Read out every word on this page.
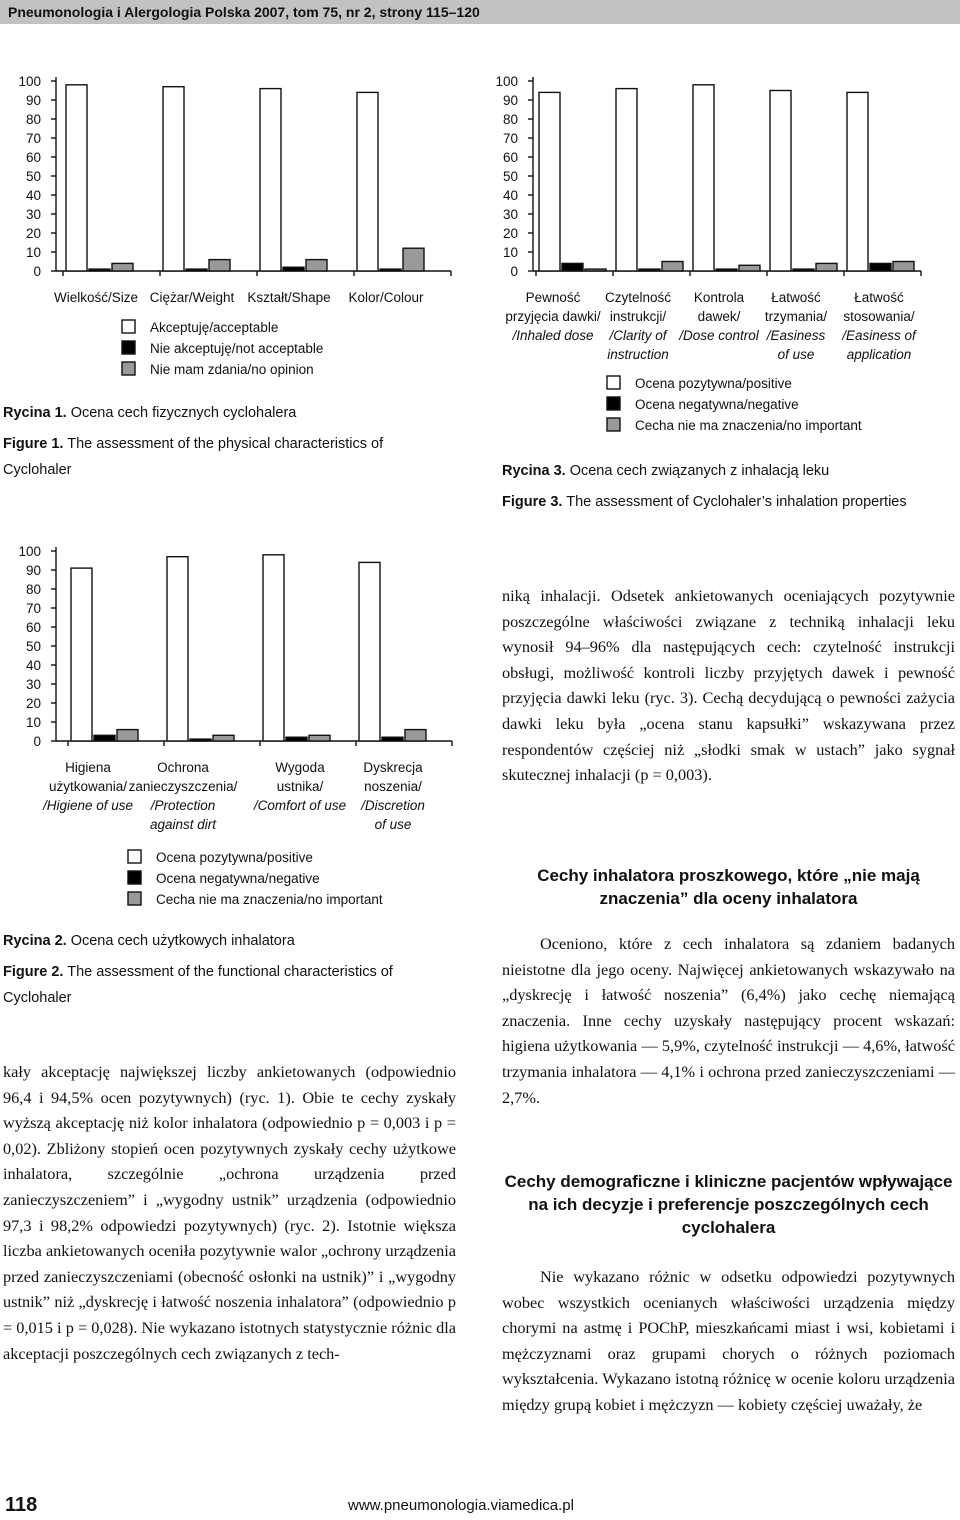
Pneumonologia i Alergologia Polska 2007, tom 75, nr 2, strony 115–120
0
10
20
30
40
50
60
70
80
90
100
Wielkość/Size Ciężar/Weight Kształt/Shape Kolor/Colour
Akceptuję/acceptable
Nie akceptuję/not acceptable
Nie mam zdania/no opinion
Rycina 1. Ocena cech fizycznych cyclohalera
Figure 1. The assessment of the physical characteristics of Cyclohaler
0
10
20
30
40
50
60
70
80
90
100
Pewność
przyjęcia dawki/
/Inhaled dose
Czytelność
instrukcji/
/Clarity of
instruction
Kontrola
dawek/
/Dose control
Łatwość
trzymania/
/Easiness
of use
Łatwość
stosowania/
/Easiness of
application
Ocena pozytywna/positive
Ocena negatywna/negative
Cecha nie ma znaczenia/no important
Rycina 3. Ocena cech związanych z inhalacją leku
Figure 3. The assessment of Cyclohaler’s inhalation properties
0
10
20
30
40
50
60
70
80
90
100
Higiena
użytkowania/
/Higiene of use
Ochrona
zanieczyszczenia/
/Protection
against dirt
Wygoda
ustnika/
/Comfort of use
Dyskrecja
noszenia/
/Discretion
of use
Ocena pozytywna/positive
Ocena negatywna/negative
Cecha nie ma znaczenia/no important
Rycina 2. Ocena cech użytkowych inhalatora
Figure 2. The assessment of the functional characteristics of Cyclohaler

kały akceptację największej liczby ankietowanych (odpowiednio 96,4 i 94,5% ocen pozytywnych) (ryc. 1). Obie te cechy zyskały wyższą akceptację niż kolor inhalatora (odpowiednio p = 0,003 i p = 0,02). Zbliżony stopień ocen pozytywnych zyskały cechy użytkowe inhalatora, szczególnie „ochrona urządzenia przed zanieczyszczeniem” i „wygodny ustnik” urządzenia (odpowiednio 97,3 i 98,2% odpowiedzi pozytywnych) (ryc. 2). Istotnie większa liczba ankietowanych oceniła pozytywnie walor „ochrony urządzenia przed zanieczyszczeniami (obecność osłonki na ustnik)” i „wygodny ustnik” niż „dyskrecję i łatwość noszenia inhalatora” (odpowiednio p = 0,015 i p = 0,028). Nie wykazano istotnych statystycznie różnic dla akceptacji poszczególnych cech związanych z tech-

niką inhalacji. Odsetek ankietowanych oceniających pozytywnie poszczególne właściwości związane z techniką inhalacji leku wynosił 94–96% dla następujących cech: czytelność instrukcji obsługi, możliwość kontroli liczby przyjętych dawek i pewność przyjęcia dawki leku (ryc. 3). Cechą decydującą o pewności zażycia dawki leku była „ocena stanu kapsułki” wskazywana przez respondentów częściej niż „słodki smak w ustach” jako sygnał skutecznej inhalacji (p = 0,003).

Cechy inhalatora proszkowego, które „nie mają znaczenia” dla oceny inhalatora

Oceniono, które z cech inhalatora są zdaniem badanych nieistotne dla jego oceny. Najwięcej ankietowanych wskazywało na „dyskrecję i łatwość noszenia” (6,4%) jako cechę niemającą znaczenia. Inne cechy uzyskały następujący procent wskazań: higiena użytkowania — 5,9%, czytelność instrukcji — 4,6%, łatwość trzymania inhalatora — 4,1% i ochrona przed zanieczyszczeniami — 2,7%.

Cechy demograficzne i kliniczne pacjentów wpływające na ich decyzje i preferencje poszczególnych cech cyclohalera

Nie wykazano różnic w odsetku odpowiedzi pozytywnych wobec wszystkich ocenianych właściwości urządzenia między chorymi na astmę i POChP, mieszkańcami miast i wsi, kobietami i mężczyznami oraz grupami chorych o różnych poziomach wykształcenia. Wykazano istotną różnicę w ocenie koloru urządzenia między grupą kobiet i mężczyzn — kobiety częściej uważały, że

118	www.pneumonologia.viamedica.pl
